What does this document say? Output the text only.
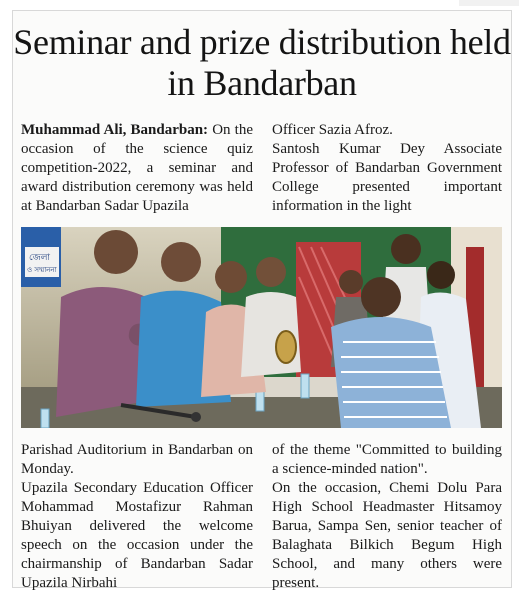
Seminar and prize distribution held in Bandarban

Muhammad Ali, Bandarban: On the occasion of the science quiz competition-2022, a seminar and award distribution ceremony was held at Bandarban Sadar Upazila

Officer Sazia Afroz.

Santosh Kumar Dey Associate Professor of Bandarban Government College presented important information in the light

জেলা
ও সম্মাননা

Parishad Auditorium in Bandarban on Monday.

Upazila Secondary Education Officer Mohammad Mostafizur Rahman Bhuiyan delivered the welcome speech on the occasion under the chairmanship of Bandarban Sadar Upazila Nirbahi

of the theme "Committed to building a science-minded nation".

On the occasion, Chemi Dolu Para High School Headmaster Hitsamoy Barua, Sampa Sen, senior teacher of Balaghata Bilkich Begum High School, and many others were present.
